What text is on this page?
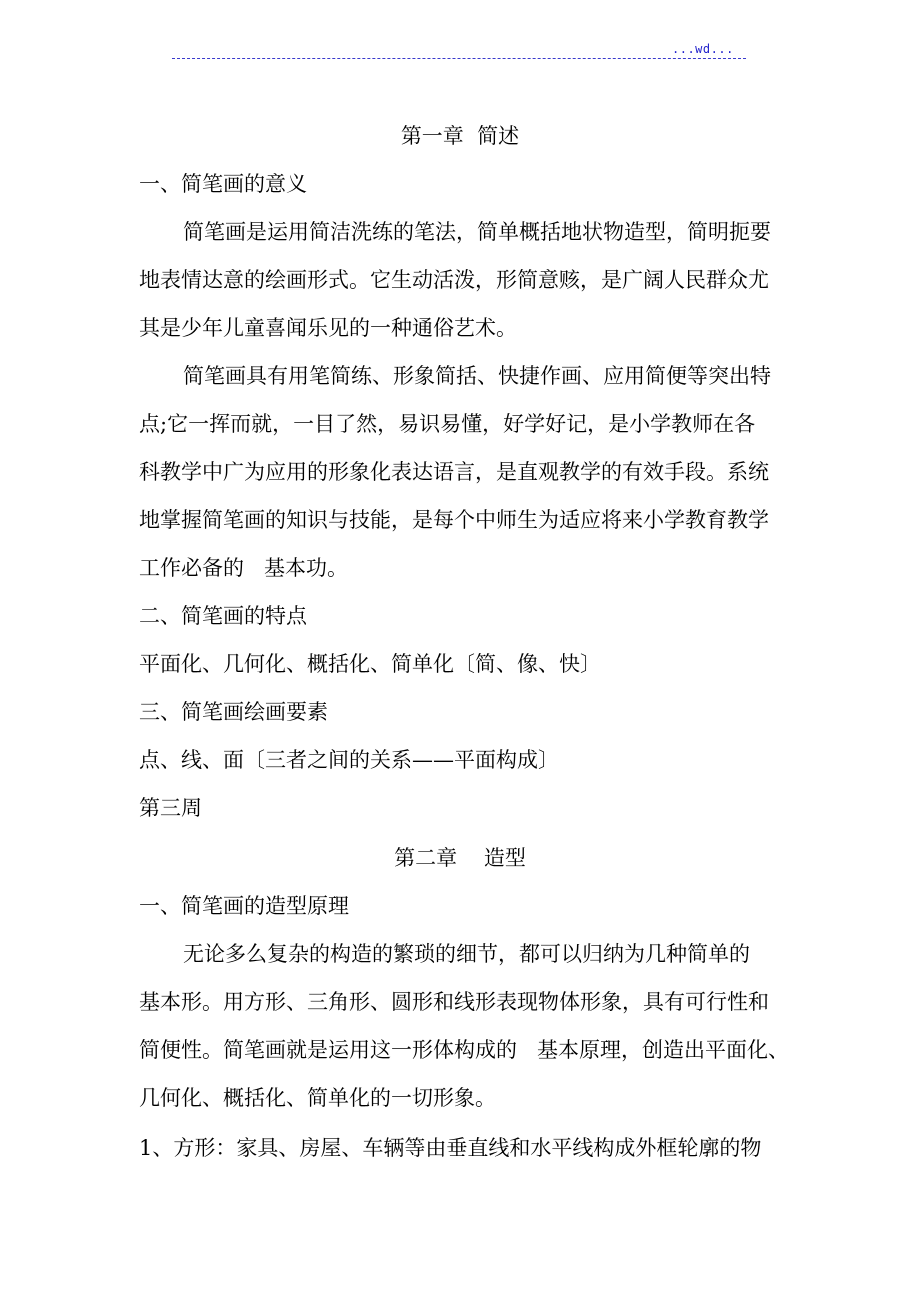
...wd...

第一章  简述

一、简笔画的意义

简笔画是运用简洁洗练的笔法，简单概括地状物造型，简明扼要

地表情达意的绘画形式。它生动活泼，形简意赅，是广阔人民群众尤

其是少年儿童喜闻乐见的一种通俗艺术。

简笔画具有用笔简练、形象简括、快捷作画、应用简便等突出特

点;它一挥而就，一目了然，易识易懂，好学好记，是小学教师在各

科教学中广为应用的形象化表达语言，是直观教学的有效手段。系统

地掌握简笔画的知识与技能，是每个中师生为适应将来小学教育教学

工作必备的   基本功。

二、简笔画的特点

平面化、几何化、概括化、简单化〔简、像、快〕

三、简笔画绘画要素

点、线、面〔三者之间的关系——平面构成〕

第三周

第二章    造型

一、简笔画的造型原理

无论多么复杂的构造的繁琐的细节，都可以归纳为几种简单的

基本形。用方形、三角形、圆形和线形表现物体形象，具有可行性和

简便性。简笔画就是运用这一形体构成的   基本原理，创造出平面化、

几何化、概括化、简单化的一切形象。

1、方形：家具、房屋、车辆等由垂直线和水平线构成外框轮廓的物
